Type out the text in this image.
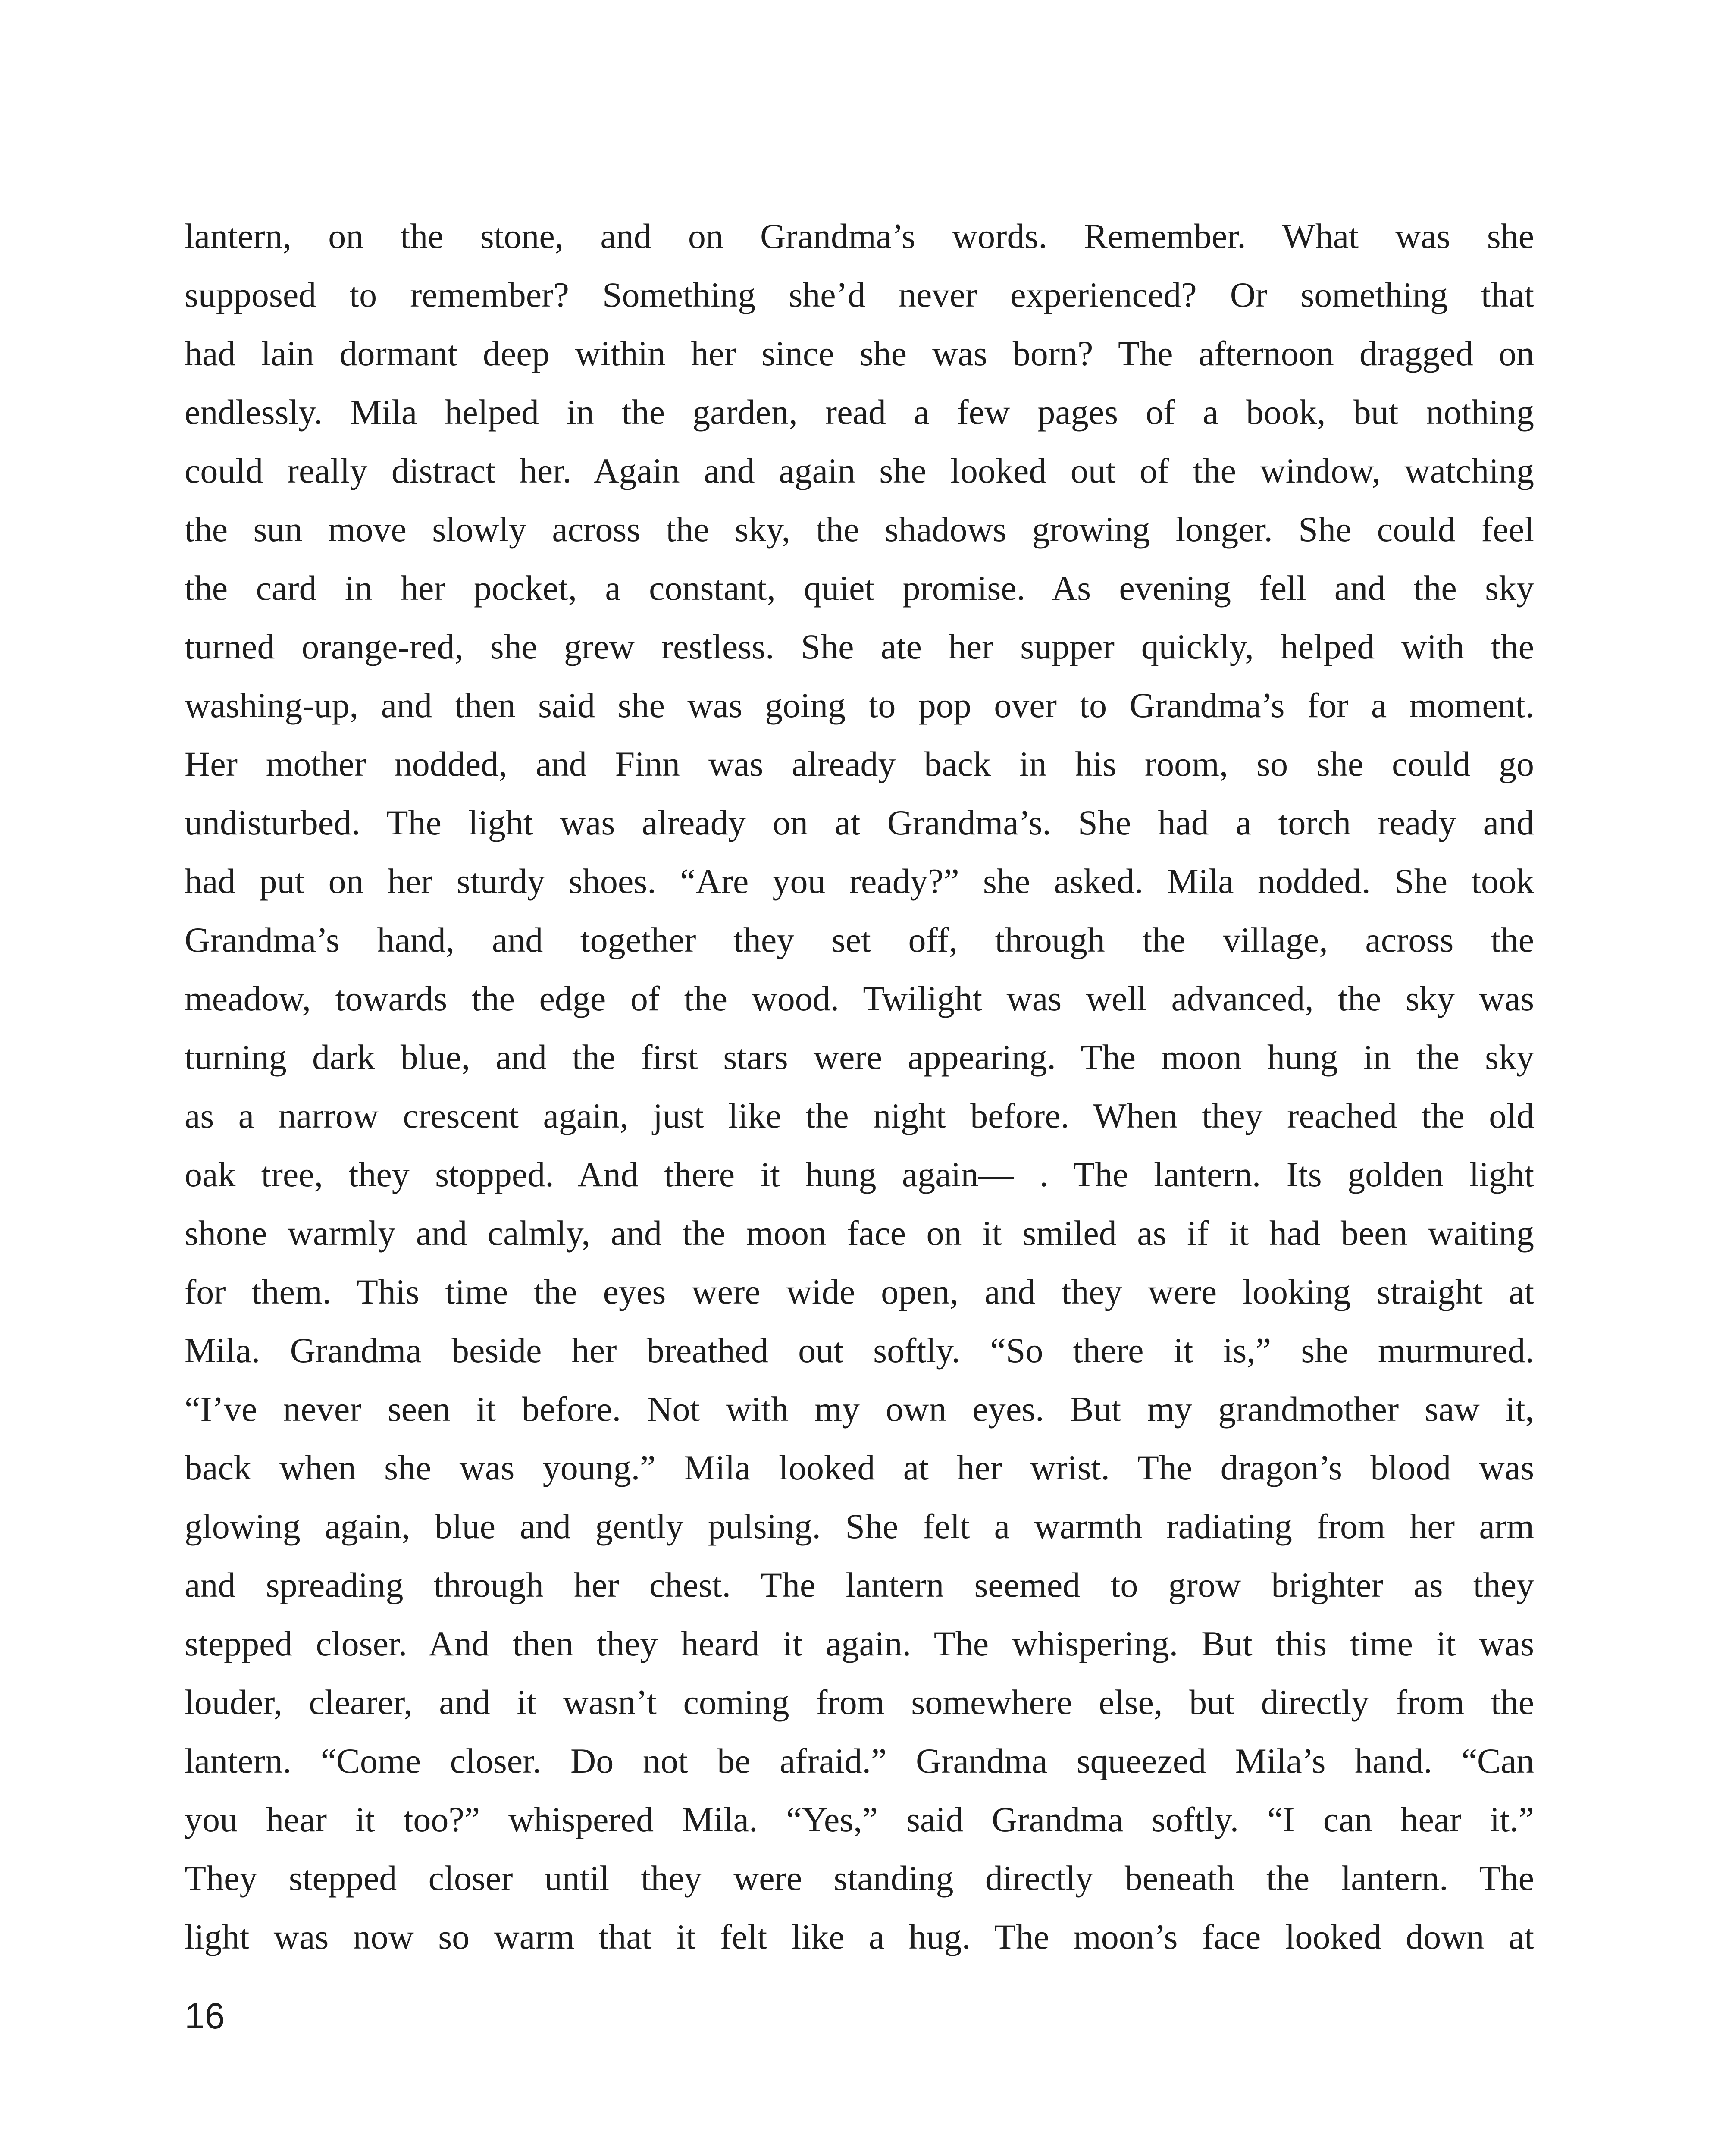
lantern, on the stone, and on Grandma’s words. Remember. What was she
supposed to remember? Something she’d never experienced? Or something that
had lain dormant deep within her since she was born? The afternoon dragged on
endlessly. Mila helped in the garden, read a few pages of a book, but nothing
could really distract her. Again and again she looked out of the window, watching
the sun move slowly across the sky, the shadows growing longer. She could feel
the card in her pocket, a constant, quiet promise. As evening fell and the sky
turned orange-red, she grew restless. She ate her supper quickly, helped with the
washing-up, and then said she was going to pop over to Grandma’s for a moment.
Her mother nodded, and Finn was already back in his room, so she could go
undisturbed. The light was already on at Grandma’s. She had a torch ready and
had put on her sturdy shoes. “Are you ready?” she asked. Mila nodded. She took
Grandma’s hand, and together they set off, through the village, across the
meadow, towards the edge of the wood. Twilight was well advanced, the sky was
turning dark blue, and the first stars were appearing. The moon hung in the sky
as a narrow crescent again, just like the night before. When they reached the old
oak tree, they stopped. And there it hung again— . The lantern. Its golden light
shone warmly and calmly, and the moon face on it smiled as if it had been waiting
for them. This time the eyes were wide open, and they were looking straight at
Mila. Grandma beside her breathed out softly. “So there it is,” she murmured.
“I’ve never seen it before. Not with my own eyes. But my grandmother saw it,
back when she was young.” Mila looked at her wrist. The dragon’s blood was
glowing again, blue and gently pulsing. She felt a warmth radiating from her arm
and spreading through her chest. The lantern seemed to grow brighter as they
stepped closer. And then they heard it again. The whispering. But this time it was
louder, clearer, and it wasn’t coming from somewhere else, but directly from the
lantern. “Come closer. Do not be afraid.” Grandma squeezed Mila’s hand. “Can
you hear it too?” whispered Mila. “Yes,” said Grandma softly. “I can hear it.”
They stepped closer until they were standing directly beneath the lantern. The
light was now so warm that it felt like a hug. The moon’s face looked down at
16
